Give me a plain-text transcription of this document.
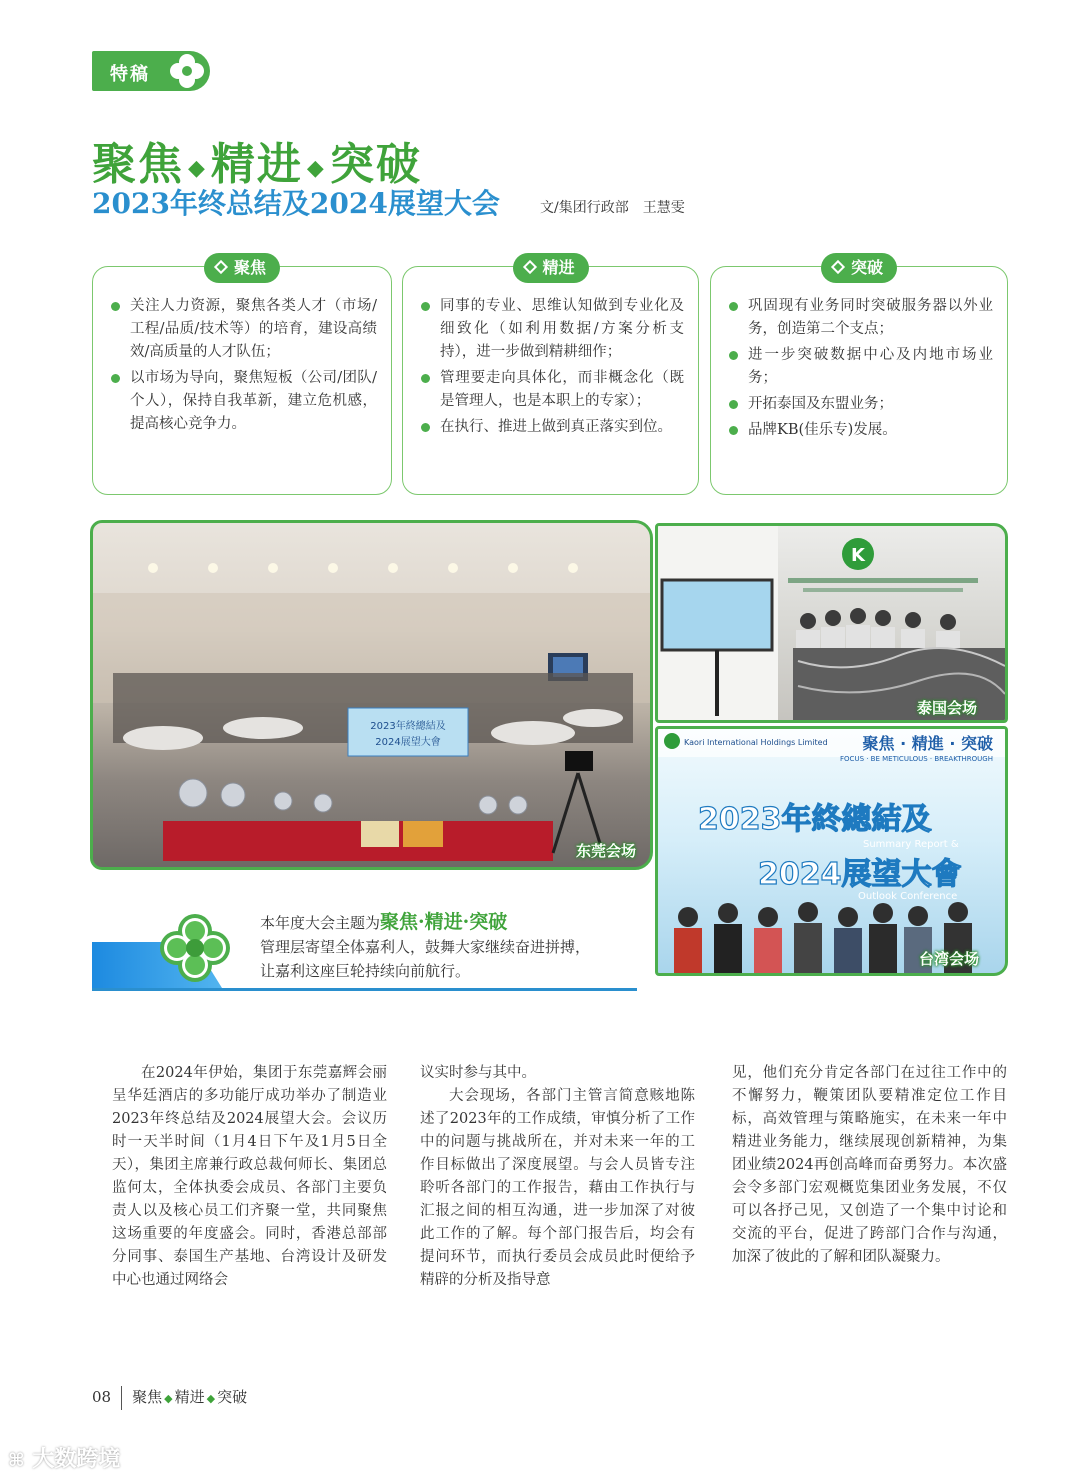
特稿
聚焦 ◆精进 ◆突破
2023年终总结及2024展望大会	文/集团行政部　王慧雯
聚焦
关注人力资源，聚焦各类人才（市场/工程/品质/技术等）的培育，建设高绩效/高质量的人才队伍；
以市场为导向，聚焦短板（公司/团队/个人），保持自我革新，建立危机感，提高核心竞争力。
精进
同事的专业、思维认知做到专业化及细致化（如利用数据/方案分析支持），进一步做到精耕细作；
管理要走向具体化，而非概念化（既是管理人，也是本职上的专家）；
在执行、推进上做到真正落实到位。
突破
巩固现有业务同时突破服务器以外业务，创造第二个支点；
进一步突破数据中心及内地市场业务；
开拓泰国及东盟业务；
品牌KB(佳乐专)发展。
2023年終總結及
2024展望大會
东莞会场
K
泰国会场
Kaori International Holdings Limited 聚焦 · 精進 · 突破
FOCUS · BE METICULOUS · BREAKTHROUGH
2023年終總結及
Summary Report &
2024展望大會
Outlook Conference
台湾会场
本年度大会主题为聚焦·精进·突破
管理层寄望全体嘉利人，鼓舞大家继续奋进拼搏，
让嘉利这座巨轮持续向前航行。

在2024年伊始，集团于东莞嘉辉会丽呈华廷酒店的多功能厅成功举办了制造业2023年终总结及2024展望大会。会议历时一天半时间（1月4日下午及1月5日全天），集团主席兼行政总裁何师长、集团总监何太，全体执委会成员、各部门主要负责人以及核心员工们齐聚一堂，共同聚焦这场重要的年度盛会。同时，香港总部部分同事、泰国生产基地、台湾设计及研发中心也通过网络会

议实时参与其中。

大会现场，各部门主管言简意赅地陈述了2023年的工作成绩，审慎分析了工作中的问题与挑战所在，并对未来一年的工作目标做出了深度展望。与会人员皆专注聆听各部门的工作报告，藉由工作执行与汇报之间的相互沟通，进一步加深了对彼此工作的了解。每个部门报告后，均会有提问环节，而执行委员会成员此时便给予精辟的分析及指导意

见，他们充分肯定各部门在过往工作中的不懈努力，鞭策团队要精准定位工作目标，高效管理与策略施实，在未来一年中精进业务能力，继续展现创新精神，为集团业绩2024再创高峰而奋勇努力。本次盛会令多部门宏观概览集团业务发展，不仅可以各抒己见，又创造了一个集中讨论和交流的平台，促进了跨部门合作与沟通，加深了彼此的了解和团队凝聚力。

08 聚焦 ◆ 精进 ◆ 突破
⌘ 大数跨境
